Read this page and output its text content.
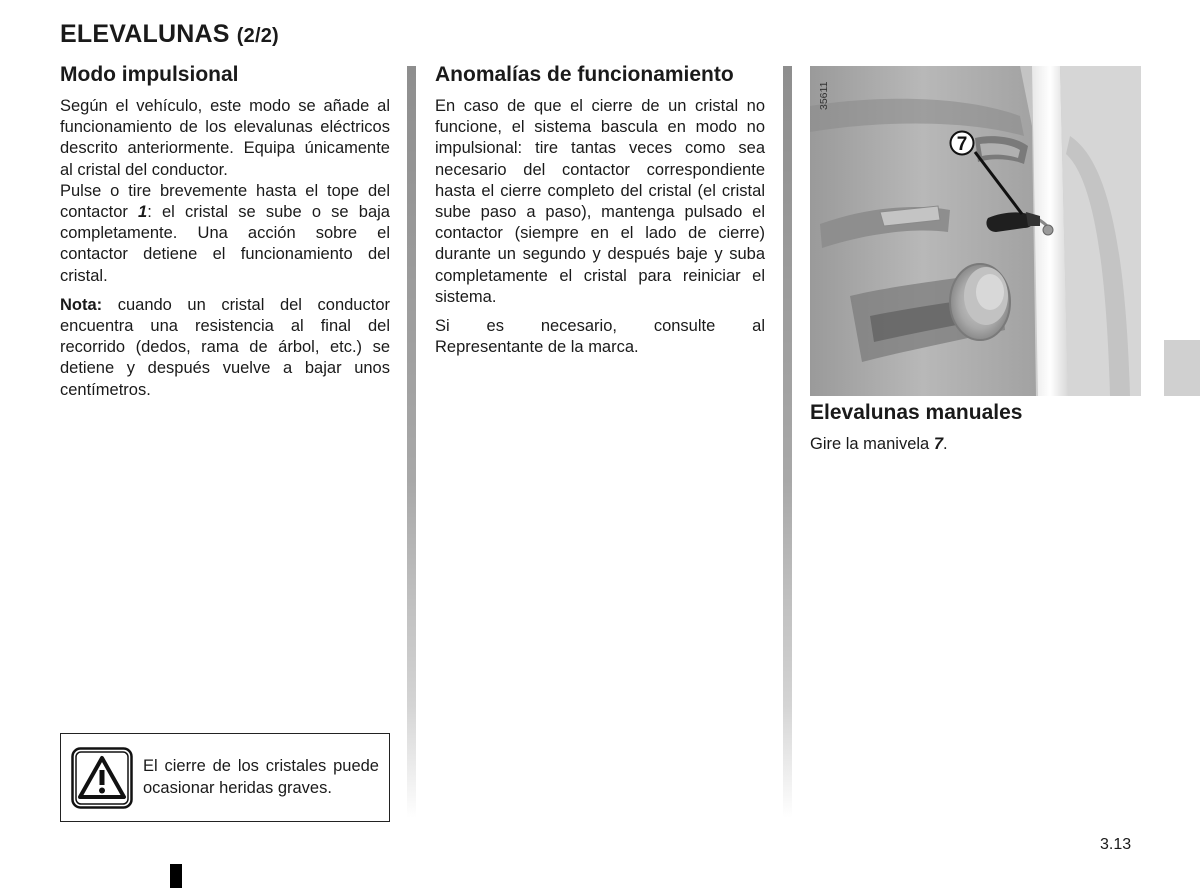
ELEVALUNAS (2/2)
Modo impulsional

Según el vehículo, este modo se añade al funcionamiento de los elevalunas eléctricos descrito anteriormente. Equipa únicamente al cristal del conductor.

Pulse o tire brevemente hasta el tope del contactor 1: el cristal se sube o se baja completamente. Una acción sobre el contactor detiene el funcionamiento del cristal.

Nota: cuando un cristal del conductor encuentra una resistencia al final del recorrido (dedos, rama de árbol, etc.) se detiene y después vuelve a bajar unos centímetros.

Anomalías de funcionamiento

En caso de que el cierre de un cristal no funcione, el sistema bascula en modo no impulsional: tire tantas veces como sea necesario del contactor correspondiente hasta el cierre completo del cristal (el cristal sube paso a paso), mantenga pulsado el contactor (siempre en el lado de cierre) durante un segundo y después baje y suba completamente el cristal para reiniciar el sistema.

Si es necesario, consulte al

Representante de la marca.

7
35611
Elevalunas manuales

Gire la manivela 7.

El cierre de los cristales puede ocasionar heridas graves.
3.13
